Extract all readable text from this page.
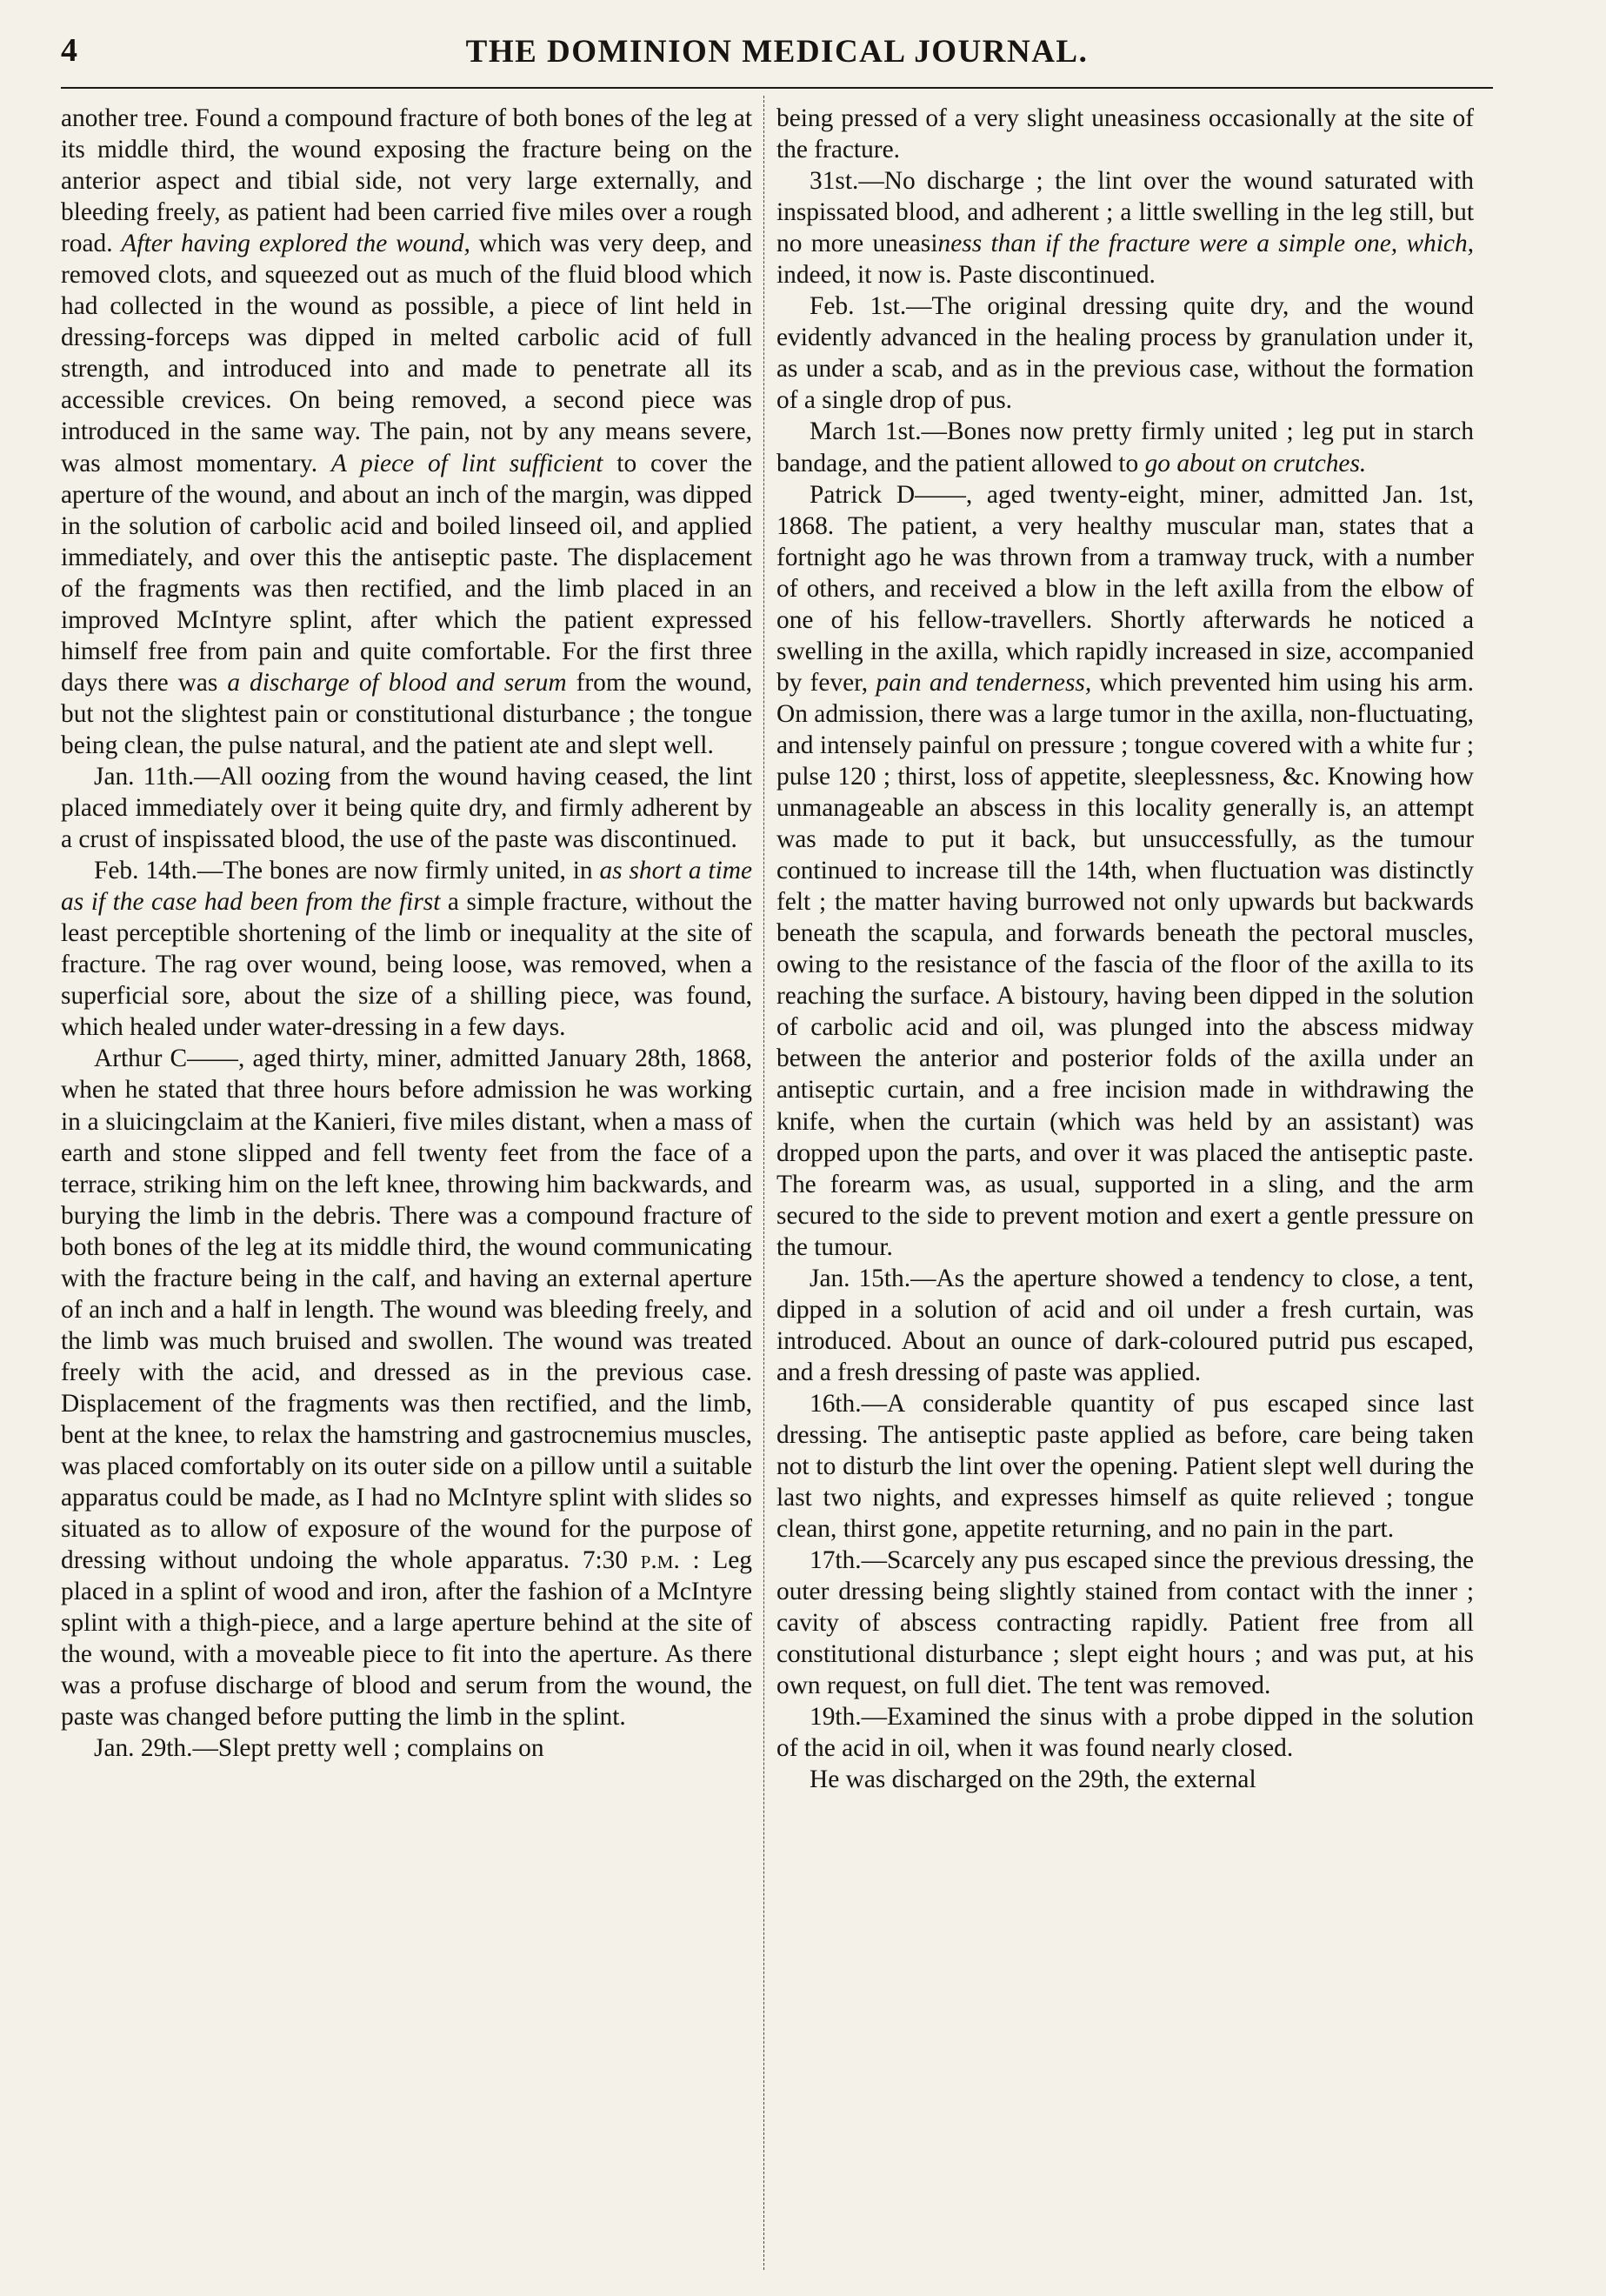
4	THE DOMINION MEDICAL JOURNAL.

another tree. Found a compound fracture of both bones of the leg at its middle third, the wound exposing the fracture being on the anterior aspect and tibial side, not very large externally, and bleeding freely, as patient had been carried five miles over a rough road. After having explored the wound, which was very deep, and removed clots, and squeezed out as much of the fluid blood which had collected in the wound as possible, a piece of lint held in dressing-forceps was dipped in melted carbolic acid of full strength, and introduced into and made to penetrate all its accessible crevices. On being removed, a second piece was introduced in the same way. The pain, not by any means severe, was almost momentary. A piece of lint sufficient to cover the aperture of the wound, and about an inch of the margin, was dipped in the solution of carbolic acid and boiled linseed oil, and applied immediately, and over this the antiseptic paste. The displacement of the fragments was then rectified, and the limb placed in an improved McIntyre splint, after which the patient expressed himself free from pain and quite comfortable. For the first three days there was a discharge of blood and serum from the wound, but not the slightest pain or constitutional disturbance ; the tongue being clean, the pulse natural, and the patient ate and slept well.

Jan. 11th.—All oozing from the wound having ceased, the lint placed immediately over it being quite dry, and firmly adherent by a crust of inspissated blood, the use of the paste was discontinued.

Feb. 14th.—The bones are now firmly united, in as short a time as if the case had been from the first a simple fracture, without the least perceptible shortening of the limb or inequality at the site of fracture. The rag over wound, being loose, was removed, when a superficial sore, about the size of a shilling piece, was found, which healed under water-dressing in a few days.

Arthur C——, aged thirty, miner, admitted January 28th, 1868, when he stated that three hours before admission he was working in a sluicingclaim at the Kanieri, five miles distant, when a mass of earth and stone slipped and fell twenty feet from the face of a terrace, striking him on the left knee, throwing him backwards, and burying the limb in the debris. There was a compound fracture of both bones of the leg at its middle third, the wound communicating with the fracture being in the calf, and having an external aperture of an inch and a half in length. The wound was bleeding freely, and the limb was much bruised and swollen. The wound was treated freely with the acid, and dressed as in the previous case. Displacement of the fragments was then rectified, and the limb, bent at the knee, to relax the hamstring and gastrocnemius muscles, was placed comfortably on its outer side on a pillow until a suitable apparatus could be made, as I had no McIntyre splint with slides so situated as to allow of exposure of the wound for the purpose of dressing without undoing the whole apparatus. 7:30 p.m. : Leg placed in a splint of wood and iron, after the fashion of a McIntyre splint with a thigh-piece, and a large aperture behind at the site of the wound, with a moveable piece to fit into the aperture. As there was a profuse discharge of blood and serum from the wound, the paste was changed before putting the limb in the splint.

Jan. 29th.—Slept pretty well ; complains on

being pressed of a very slight uneasiness occasionally at the site of the fracture.

31st.—No discharge ; the lint over the wound saturated with inspissated blood, and adherent ; a little swelling in the leg still, but no more uneasiness than if the fracture were a simple one, which, indeed, it now is. Paste discontinued.

Feb. 1st.—The original dressing quite dry, and the wound evidently advanced in the healing process by granulation under it, as under a scab, and as in the previous case, without the formation of a single drop of pus.

March 1st.—Bones now pretty firmly united ; leg put in starch bandage, and the patient allowed to go about on crutches.

Patrick D——, aged twenty-eight, miner, admitted Jan. 1st, 1868. The patient, a very healthy muscular man, states that a fortnight ago he was thrown from a tramway truck, with a number of others, and received a blow in the left axilla from the elbow of one of his fellow-travellers. Shortly afterwards he noticed a swelling in the axilla, which rapidly increased in size, accompanied by fever, pain and tenderness, which prevented him using his arm. On admission, there was a large tumor in the axilla, non-fluctuating, and intensely painful on pressure ; tongue covered with a white fur ; pulse 120 ; thirst, loss of appetite, sleeplessness, &c. Knowing how unmanageable an abscess in this locality generally is, an attempt was made to put it back, but unsuccessfully, as the tumour continued to increase till the 14th, when fluctuation was distinctly felt ; the matter having burrowed not only upwards but backwards beneath the scapula, and forwards beneath the pectoral muscles, owing to the resistance of the fascia of the floor of the axilla to its reaching the surface. A bistoury, having been dipped in the solution of carbolic acid and oil, was plunged into the abscess midway between the anterior and posterior folds of the axilla under an antiseptic curtain, and a free incision made in withdrawing the knife, when the curtain (which was held by an assistant) was dropped upon the parts, and over it was placed the antiseptic paste. The forearm was, as usual, supported in a sling, and the arm secured to the side to prevent motion and exert a gentle pressure on the tumour.

Jan. 15th.—As the aperture showed a tendency to close, a tent, dipped in a solution of acid and oil under a fresh curtain, was introduced. About an ounce of dark-coloured putrid pus escaped, and a fresh dressing of paste was applied.

16th.—A considerable quantity of pus escaped since last dressing. The antiseptic paste applied as before, care being taken not to disturb the lint over the opening. Patient slept well during the last two nights, and expresses himself as quite relieved ; tongue clean, thirst gone, appetite returning, and no pain in the part.

17th.—Scarcely any pus escaped since the previous dressing, the outer dressing being slightly stained from contact with the inner ; cavity of abscess contracting rapidly. Patient free from all constitutional disturbance ; slept eight hours ; and was put, at his own request, on full diet. The tent was removed.

19th.—Examined the sinus with a probe dipped in the solution of the acid in oil, when it was found nearly closed.

He was discharged on the 29th, the external
